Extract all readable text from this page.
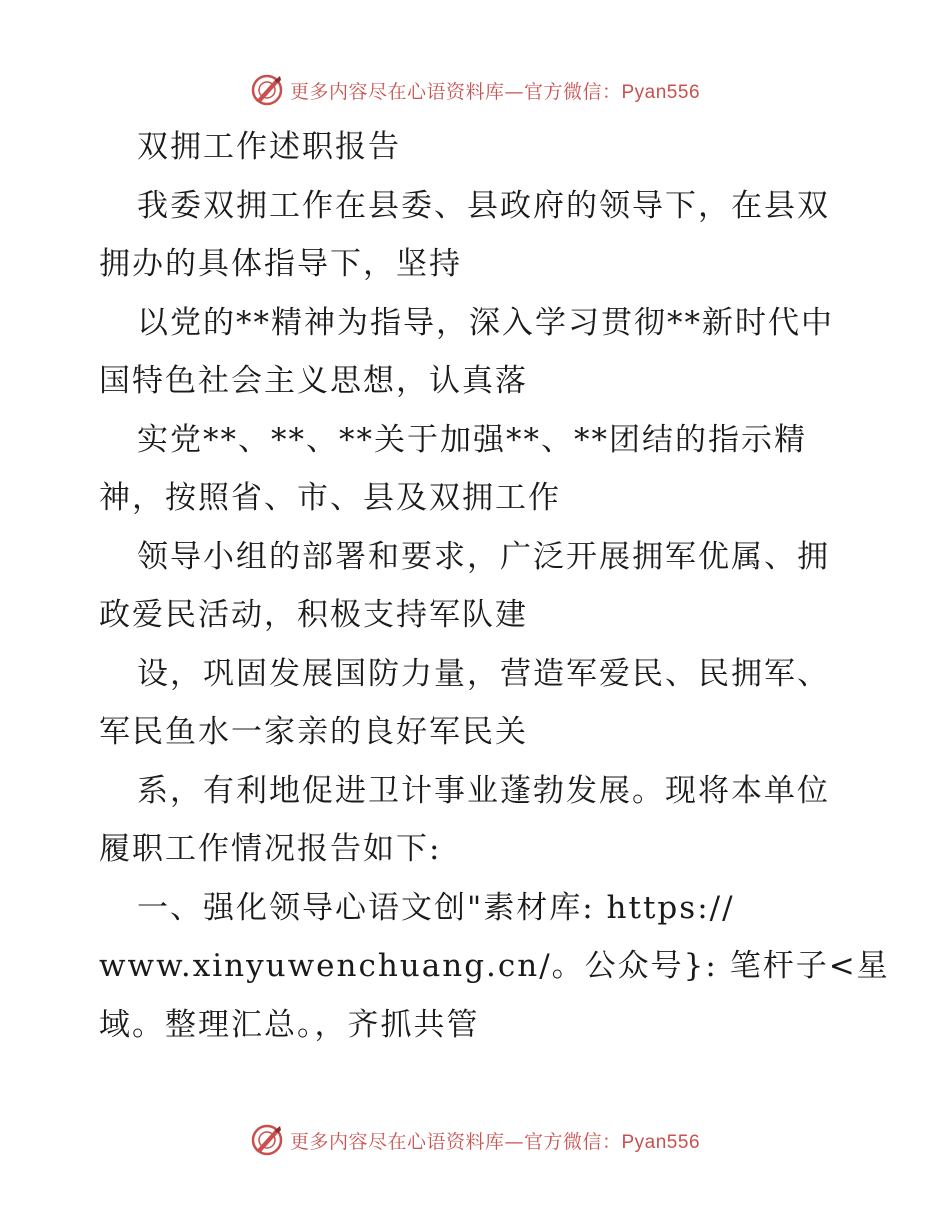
更多内容尽在心语资料库—官方微信：Pyan556

双拥工作述职报告

我委双拥工作在县委、县政府的领导下，在县双

拥办的具体指导下，坚持

以党的**精神为指导，深入学习贯彻**新时代中

国特色社会主义思想，认真落

实党**、**、**关于加强**、**团结的指示精

神，按照省、市、县及双拥工作

领导小组的部署和要求，广泛开展拥军优属、拥

政爱民活动，积极支持军队建

设，巩固发展国防力量，营造军爱民、民拥军、

军民鱼水一家亲的良好军民关

系，有利地促进卫计事业蓬勃发展。现将本单位

履职工作情况报告如下:

一、强化领导心语文创"素材库: https://

www.xinyuwenchuang.cn/。公众号}: 笔杆子<星

域。整理汇总。，齐抓共管

更多内容尽在心语资料库—官方微信：Pyan556
